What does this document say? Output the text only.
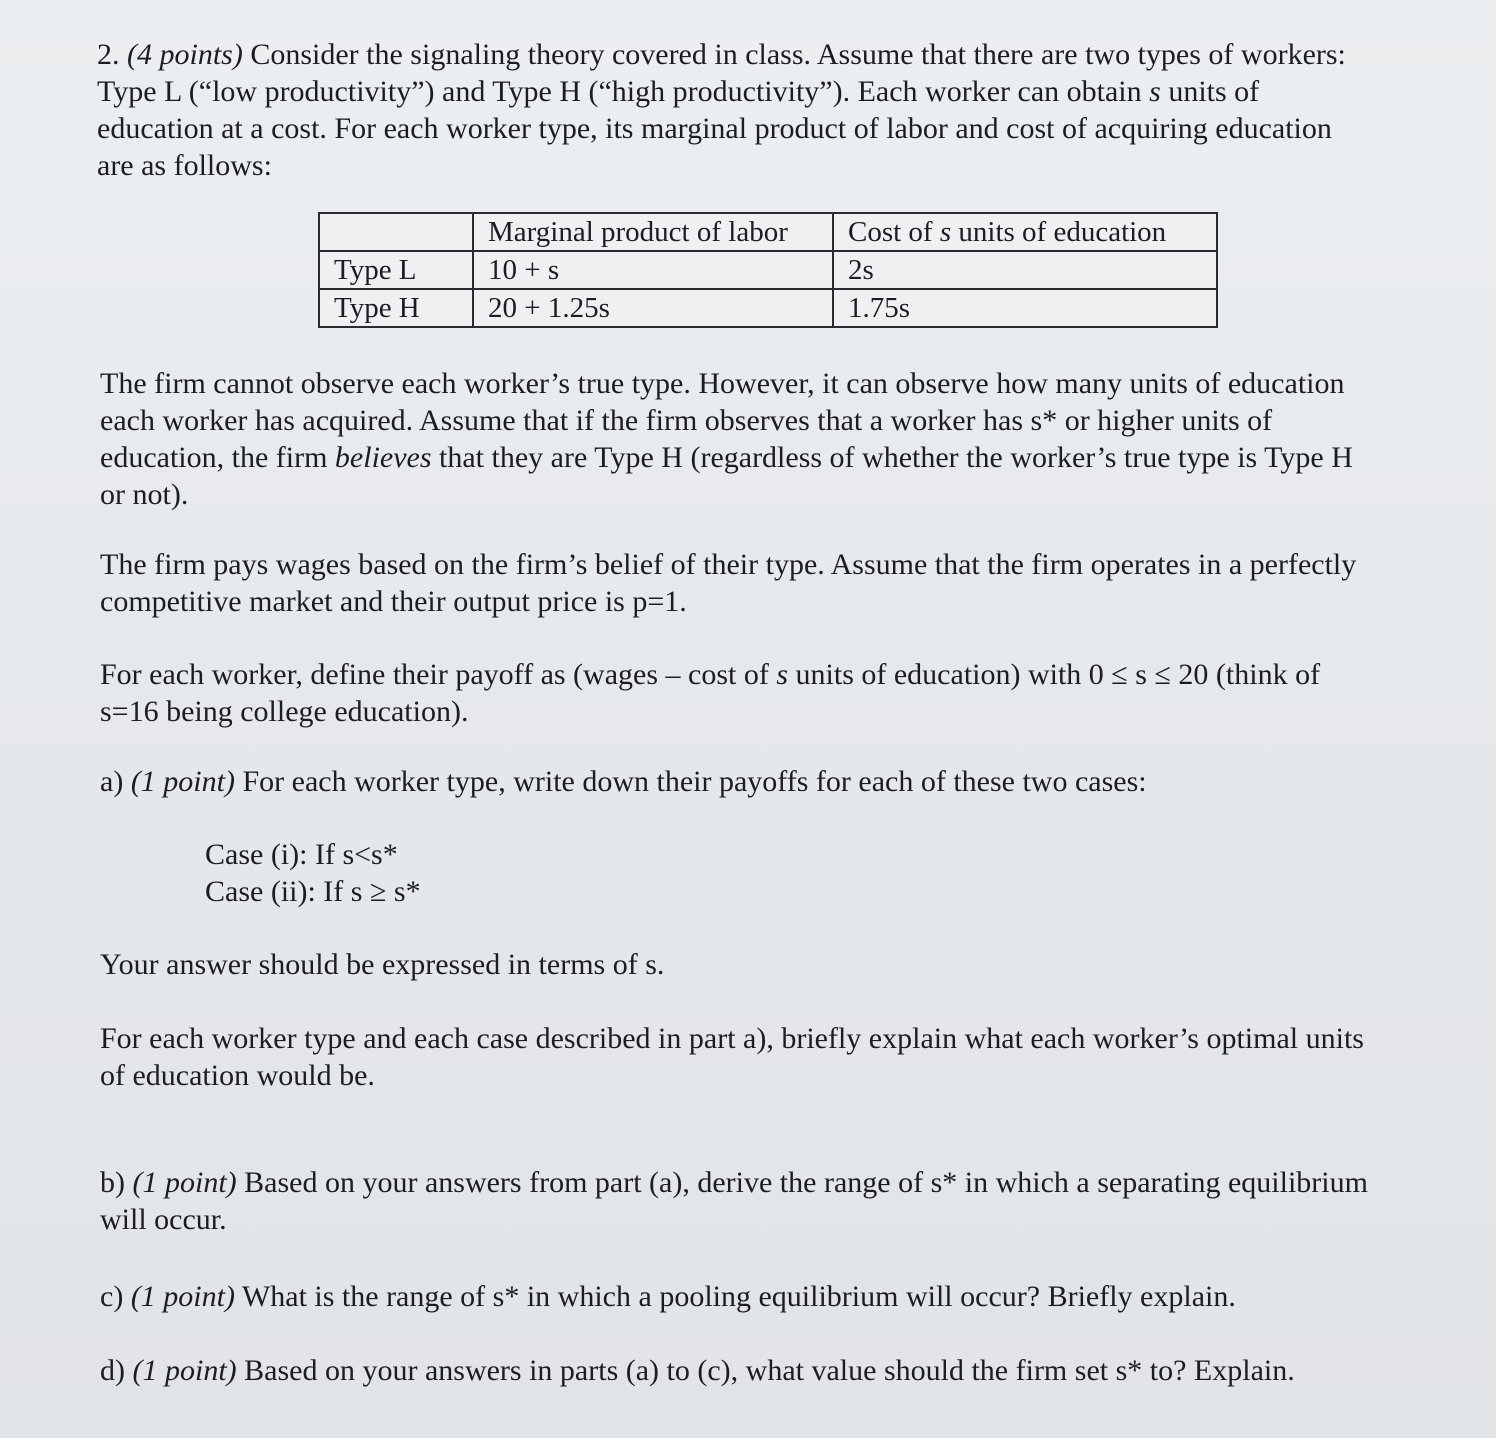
2. (4 points) Consider the signaling theory covered in class. Assume that there are two types of workers:
Type L (“low productivity”) and Type H (“high productivity”). Each worker can obtain s units of
education at a cost. For each worker type, its marginal product of labor and cost of acquiring education
are as follows:

	Marginal product of labor	Cost of s units of education
Type L	10 + s	2s
Type H	20 + 1.25s	1.75s

The firm cannot observe each worker’s true type. However, it can observe how many units of education
each worker has acquired. Assume that if the firm observes that a worker has s* or higher units of
education, the firm believes that they are Type H (regardless of whether the worker’s true type is Type H
or not).

The firm pays wages based on the firm’s belief of their type. Assume that the firm operates in a perfectly
competitive market and their output price is p=1.

For each worker, define their payoff as (wages – cost of s units of education) with 0 ≤ s ≤ 20 (think of
s=16 being college education).

a) (1 point) For each worker type, write down their payoffs for each of these two cases:

Case (i): If s<s*
Case (ii): If s ≥ s*

Your answer should be expressed in terms of s.

For each worker type and each case described in part a), briefly explain what each worker’s optimal units
of education would be.

b) (1 point) Based on your answers from part (a), derive the range of s* in which a separating equilibrium
will occur.

c) (1 point) What is the range of s* in which a pooling equilibrium will occur? Briefly explain.

d) (1 point) Based on your answers in parts (a) to (c), what value should the firm set s* to? Explain.
